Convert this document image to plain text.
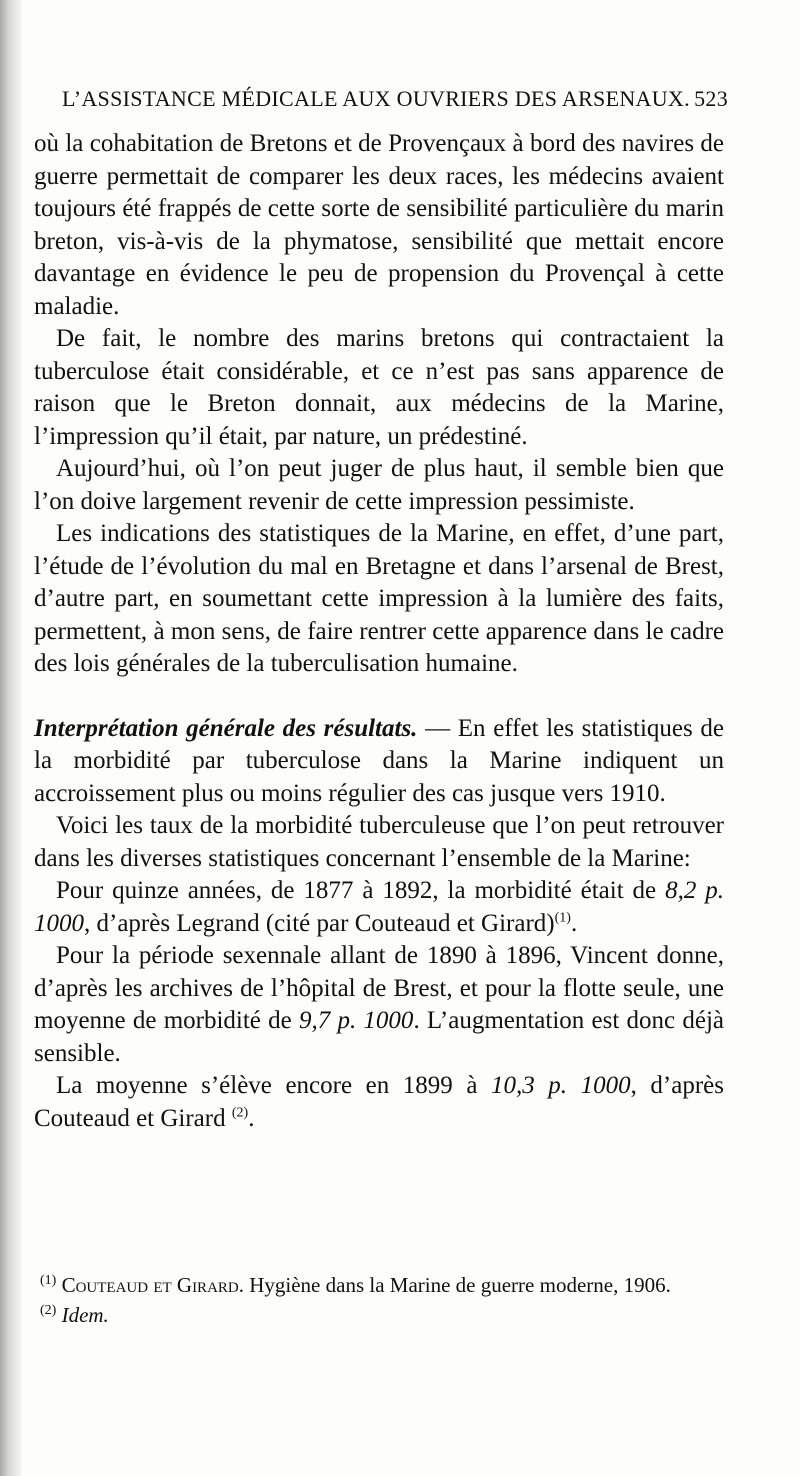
L’ASSISTANCE MÉDICALE AUX OUVRIERS DES ARSENAUX. 523

où la cohabitation de Bretons et de Provençaux à bord des navires de guerre permettait de comparer les deux races, les médecins avaient toujours été frappés de cette sorte de sensibilité particulière du marin breton, vis-à-vis de la phymatose, sensibilité que mettait encore davantage en évidence le peu de propension du Provençal à cette maladie.

De fait, le nombre des marins bretons qui contractaient la tuberculose était considérable, et ce n’est pas sans apparence de raison que le Breton donnait, aux médecins de la Marine, l’impression qu’il était, par nature, un prédestiné.

Aujourd’hui, où l’on peut juger de plus haut, il semble bien que l’on doive largement revenir de cette impression pessimiste.

Les indications des statistiques de la Marine, en effet, d’une part, l’étude de l’évolution du mal en Bretagne et dans l’arsenal de Brest, d’autre part, en soumettant cette impression à la lumière des faits, permettent, à mon sens, de faire rentrer cette apparence dans le cadre des lois générales de la tuberculisation humaine.

Interprétation générale des résultats. — En effet les statistiques de la morbidité par tuberculose dans la Marine indiquent un accroissement plus ou moins régulier des cas jusque vers 1910.

Voici les taux de la morbidité tuberculeuse que l’on peut retrouver dans les diverses statistiques concernant l’ensemble de la Marine:

Pour quinze années, de 1877 à 1892, la morbidité était de 8,2 p. 1000, d’après Legrand (cité par Couteaud et Girard)$^{(1)}$.

Pour la période sexennale allant de 1890 à 1896, Vincent donne, d’après les archives de l’hôpital de Brest, et pour la flotte seule, une moyenne de morbidité de 9,7 p. 1000. L’augmentation est donc déjà sensible.

La moyenne s’élève encore en 1899 à 10,3 p. 1000, d’après Couteaud et Girard $^{(2)}$.

$^{(1)}$ Couteaud et Girard. Hygiène dans la Marine de guerre moderne, 1906.

$^{(2)}$ Idem.
